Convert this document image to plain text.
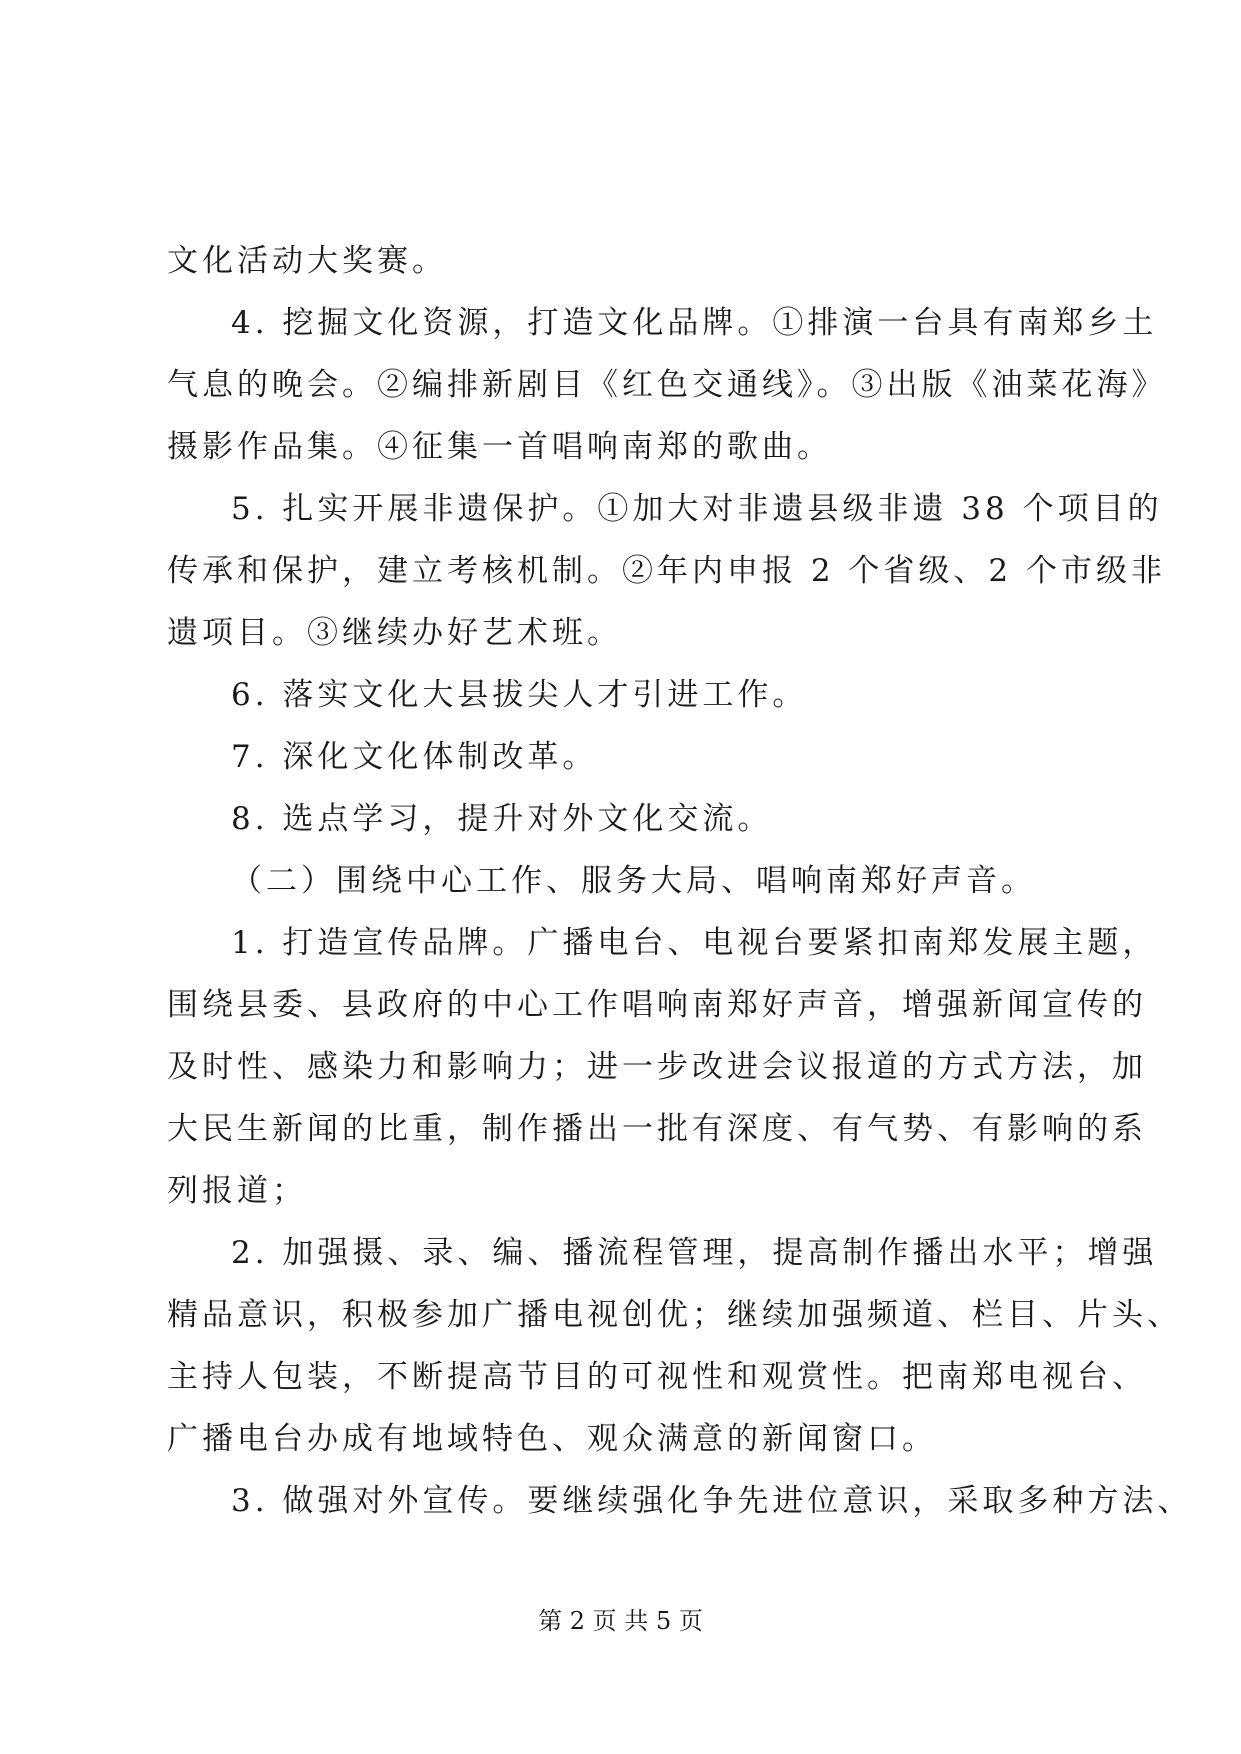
文化活动大奖赛。
4. 挖掘文化资源，打造文化品牌。①排演一台具有南郑乡土
气息的晚会。②编排新剧目《红色交通线》。③出版《油菜花海》
摄影作品集。④征集一首唱响南郑的歌曲。
5. 扎实开展非遗保护。①加大对非遗县级非遗 38 个项目的
传承和保护，建立考核机制。②年内申报 2 个省级、2 个市级非
遗项目。③继续办好艺术班。
6. 落实文化大县拔尖人才引进工作。
7. 深化文化体制改革。
8. 选点学习，提升对外文化交流。
（二）围绕中心工作、服务大局、唱响南郑好声音。
1. 打造宣传品牌。广播电台、电视台要紧扣南郑发展主题，
围绕县委、县政府的中心工作唱响南郑好声音，增强新闻宣传的
及时性、感染力和影响力；进一步改进会议报道的方式方法，加
大民生新闻的比重，制作播出一批有深度、有气势、有影响的系
列报道；
2. 加强摄、录、编、播流程管理，提高制作播出水平；增强
精品意识，积极参加广播电视创优；继续加强频道、栏目、片头、
主持人包装，不断提高节目的可视性和观赏性。把南郑电视台、
广播电台办成有地域特色、观众满意的新闻窗口。
3. 做强对外宣传。要继续强化争先进位意识，采取多种方法、
第 2 页 共 5 页
